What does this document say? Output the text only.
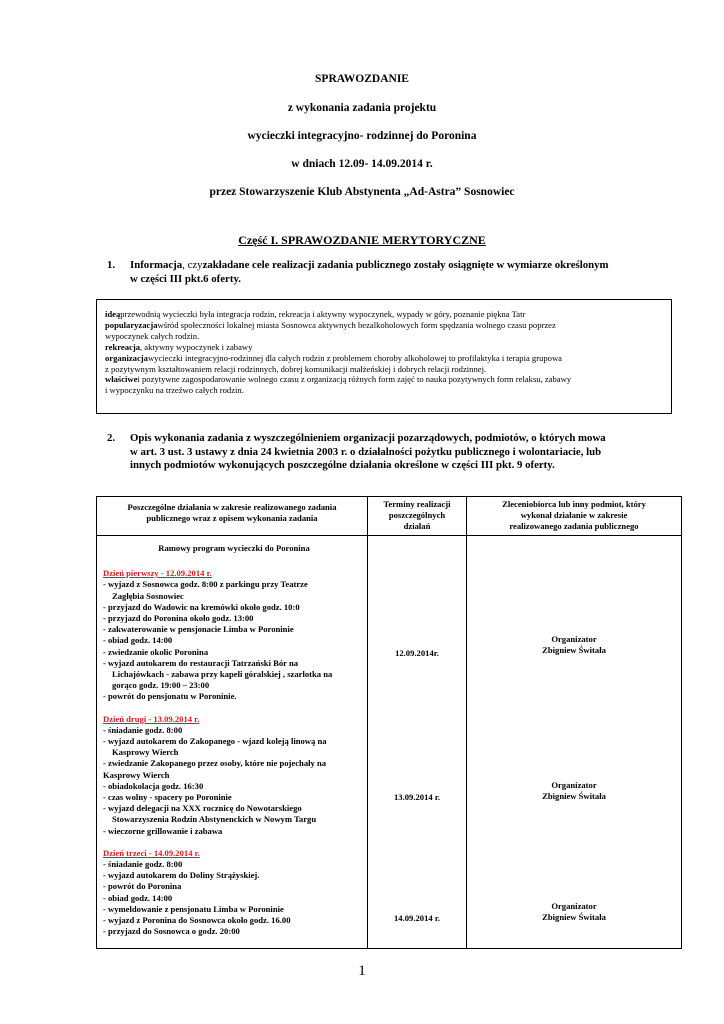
SPRAWOZDANIE
z wykonania zadania projektu
wycieczki integracyjno- rodzinnej do Poronina
w dniach 12.09- 14.09.2014 r.
przez Stowarzyszenie Klub Abstynenta „Ad-Astra” Sosnowiec
Część I. SPRAWOZDANIE MERYTORYCZNE
1.	Informacja, czyzakładane cele realizacji zadania publicznego zostały osiągnięte w wymiarze określonym
w części III pkt.6 oferty.
ideąprzewodnią wycieczki była integracja rodzin, rekreacja i aktywny wypoczynek, wypady w góry, poznanie piękna Tatr
popularyzacjawśród społeczności lokalnej miasta Sosnowca aktywnych bezalkoholowych form spędzania wolnego czasu poprzez
wypoczynek całych rodzin.
rekreacja, aktywny wypoczynek i zabawy
organizacjawycieczki integracyjno-rodzinnej dla całych rodzin z problemem choroby alkoholowej to profilaktyka i terapia grupowa
z pozytywnym kształtowaniem relacji rodzinnych, dobrej komunikacji małżeńskiej i dobrych relacji rodzinnej.
właściwei pozytywne zagospodarowanie wolnego czasu z organizacją różnych form zajęć to nauka pozytywnych form relaksu, zabawy
i wypoczynku na trzeźwo całych rodzin.
2.	Opis wykonania zadania z wyszczególnieniem organizacji pozarządowych, podmiotów, o których mowa
w art. 3 ust. 3 ustawy z dnia 24 kwietnia 2003 r. o działalności pożytku publicznego i wolontariacie, lub
innych podmiotów wykonujących poszczególne działania określone w części III pkt. 9 oferty.
Poszczególne działania w zakresie realizowanego zadania
publicznego wraz z opisem wykonania zadania
Terminy realizacji
poszczególnych
działań
Zleceniobiorca lub inny podmiot, który
wykonał działanie w zakresie
realizowanego zadania publicznego
Ramowy program wycieczki do Poronina
Dzień pierwszy - 12.09.2014 r.
- wyjazd z Sosnowca godz. 8:00 z parkingu przy Teatrze
Zagłębia Sosnowiec
- przyjazd do Wadowic na kremówki około godz. 10:0
- przyjazd do Poronina około godz. 13:00
- zakwaterowanie w pensjonacie Limba w Poroninie
- obiad godz. 14:00
- zwiedzanie okolic Poronina
- wyjazd autokarem do restauracji Tatrzański Bór na
Lichajówkach - zabawa przy kapeli góralskiej , szarlotka na
gorąco godz. 19:00 – 23:00
- powrót do pensjonatu w Poroninie.
Dzień drugi - 13.09.2014 r.
- śniadanie godz. 8:00
- wyjazd autokarem do Zakopanego - wjazd koleją linową na
Kasprowy Wierch
- zwiedzanie Zakopanego przez osoby, które nie pojechały na
Kasprowy Wierch
- obiadokolacja godz. 16:30
- czas wolny - spacery po Poroninie
- wyjazd delegacji na XXX rocznicę do Nowotarskiego
Stowarzyszenia Rodzin Abstynenckich w Nowym Targu
- wieczorne grillowanie i zabawa
Dzień trzeci - 14.09.2014 r.
- śniadanie godz. 8:00
- wyjazd autokarem do Doliny Strążyskiej.
- powrót do Poronina
- obiad godz. 14:00
- wymeldowanie z pensjonatu Limba w Poroninie
- wyjazd z Poronina do Sosnowca około godz. 16.00
- przyjazd do Sosnowca o godz. 20:00
12.09.2014r.
Organizator
Zbigniew Świtała
13.09.2014 r.
Organizator
Zbigniew Świtała
14.09.2014 r.
Organizator
Zbigniew Świtała
1
